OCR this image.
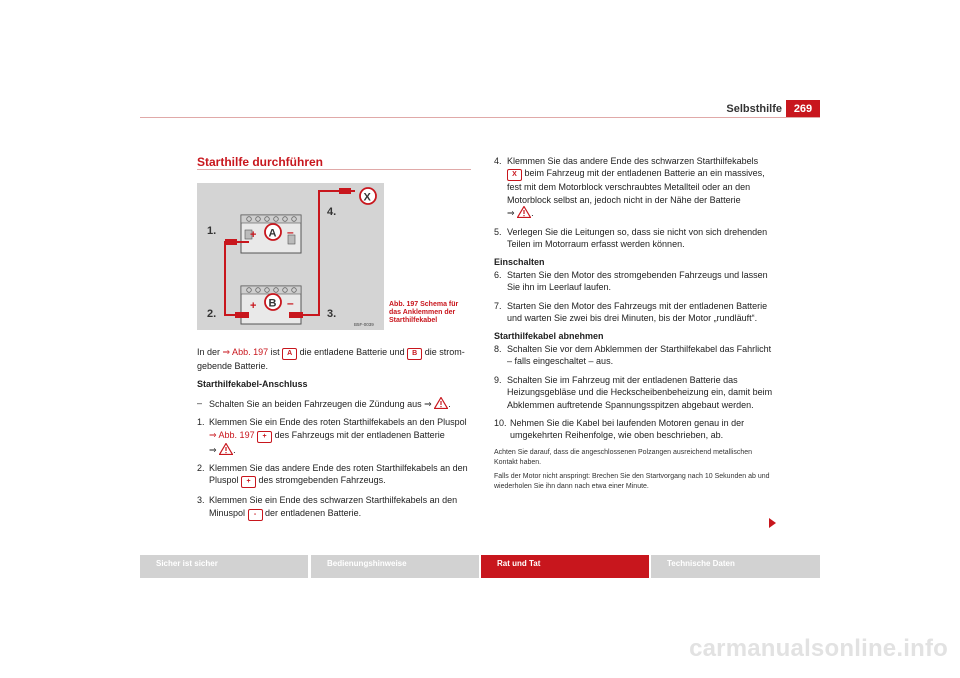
Selbsthilfe	269
Starthilfe durchführen
+	–
A
+	–
B
X
1.
2.	3.
4.
B5F-0039
Abb. 197 Schema für das Anklemmen der Starthilfekabel

In der ⇒ Abb. 197 ist A die entladene Batterie und B die strom-
gebende Batterie.

Starthilfekabel-Anschluss

– Schalten Sie an beiden Fahrzeugen die Zündung aus ⇒ .
1. Klemmen Sie ein Ende des roten Starthilfekabels an den Pluspol
⇒ Abb. 197 + des Fahrzeugs mit der entladenen Batterie
⇒ .
2. Klemmen Sie das andere Ende des roten Starthilfekabels an den
Pluspol + des stromgebenden Fahrzeugs.
3. Klemmen Sie ein Ende des schwarzen Starthilfekabels an den
Minuspol - der entladenen Batterie.
4. Klemmen Sie das andere Ende des schwarzen Starthilfekabels
X beim Fahrzeug mit der entladenen Batterie an ein massives,
fest mit dem Motorblock verschraubtes Metallteil oder an den
Motorblock selbst an, jedoch nicht in der Nähe der Batterie
⇒ .
5. Verlegen Sie die Leitungen so, dass sie nicht von sich drehenden Teilen im Motorraum erfasst werden können.

Einschalten

6. Starten Sie den Motor des stromgebenden Fahrzeugs und lassen Sie ihn im Leerlauf laufen.
7. Starten Sie den Motor des Fahrzeugs mit der entladenen Batterie und warten Sie zwei bis drei Minuten, bis der Motor „rundläuft“.

Starthilfekabel abnehmen

8. Schalten Sie vor dem Abklemmen der Starthilfekabel das Fahrlicht – falls eingeschaltet – aus.
9. Schalten Sie im Fahrzeug mit der entladenen Batterie das Heizungsgebläse und die Heckscheibenbeheizung ein, damit beim Abklemmen auftretende Spannungsspitzen abgebaut werden.
10. Nehmen Sie die Kabel bei laufenden Motoren genau in der umgekehrten Reihenfolge, wie oben beschrieben, ab.

Achten Sie darauf, dass die angeschlossenen Polzangen ausreichend metallischen Kontakt haben.

Falls der Motor nicht anspringt: Brechen Sie den Startvorgang nach 10 Sekunden ab und wiederholen Sie ihn dann nach etwa einer Minute.

Sicher ist sicher	Bedienungshinweise	Rat und Tat	Technische Daten
carmanualsonline.info
